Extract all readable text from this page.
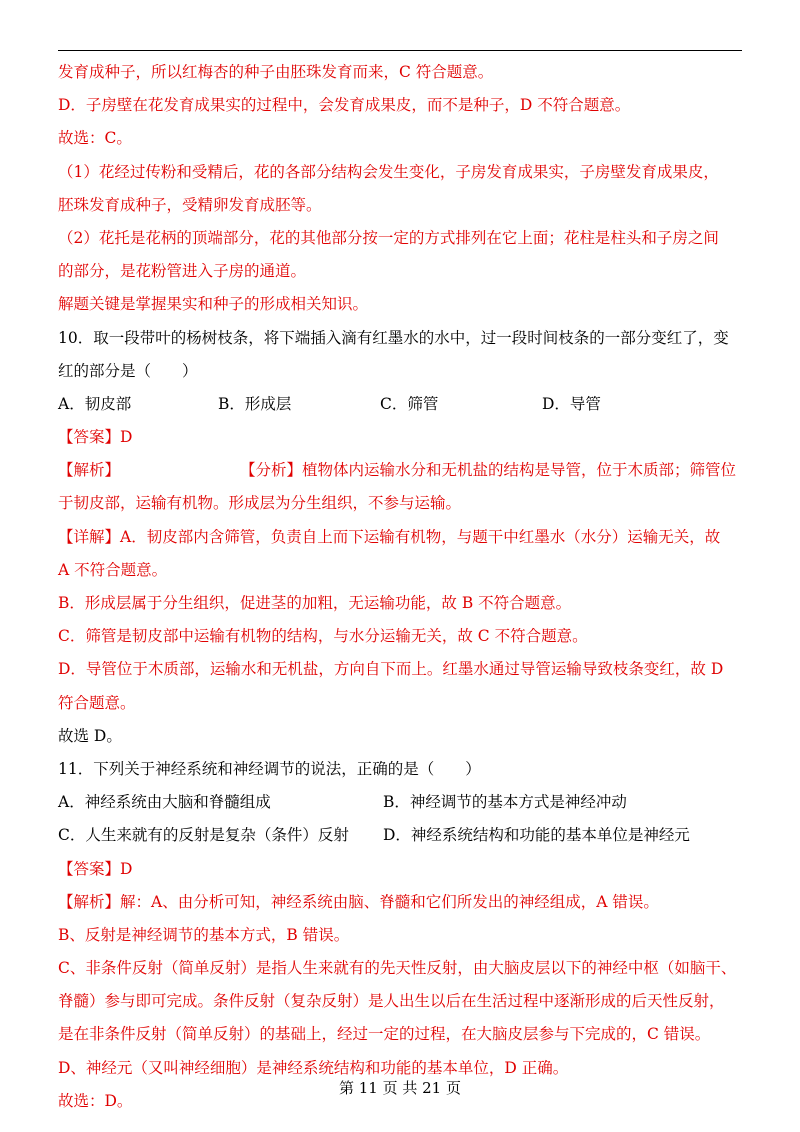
发育成种子，所以红梅杏的种子由胚珠发育而来，C 符合题意。

D．子房壁在花发育成果实的过程中，会发育成果皮，而不是种子，D 不符合题意。

故选：C。

（1）花经过传粉和受精后，花的各部分结构会发生变化，子房发育成果实，子房壁发育成果皮，

胚珠发育成种子，受精卵发育成胚等。

（2）花托是花柄的顶端部分，花的其他部分按一定的方式排列在它上面；花柱是柱头和子房之间

的部分，是花粉管进入子房的通道。

解题关键是掌握果实和种子的形成相关知识。

10．取一段带叶的杨树枝条，将下端插入滴有红墨水的水中，过一段时间枝条的一部分变红了，变

红的部分是（　　）

A．韧皮部	B．形成层	C．筛管	D．导管

【答案】D

【解析】	【分析】植物体内运输水分和无机盐的结构是导管，位于木质部；筛管位

于韧皮部，运输有机物。形成层为分生组织，不参与运输。

【详解】A．韧皮部内含筛管，负责自上而下运输有机物，与题干中红墨水（水分）运输无关，故

A 不符合题意。

B．形成层属于分生组织，促进茎的加粗，无运输功能，故 B 不符合题意。

C．筛管是韧皮部中运输有机物的结构，与水分运输无关，故 C 不符合题意。

D．导管位于木质部，运输水和无机盐，方向自下而上。红墨水通过导管运输导致枝条变红，故 D

符合题意。

故选 D。

11．下列关于神经系统和神经调节的说法，正确的是（　　）

A．神经系统由大脑和脊髓组成	B．神经调节的基本方式是神经冲动

C．人生来就有的反射是复杂（条件）反射 D．神经系统结构和功能的基本单位是神经元

【答案】D

【解析】解：A、由分析可知，神经系统由脑、脊髓和它们所发出的神经组成，A 错误。

B、反射是神经调节的基本方式，B 错误。

C、非条件反射（简单反射）是指人生来就有的先天性反射，由大脑皮层以下的神经中枢（如脑干、

脊髓）参与即可完成。条件反射（复杂反射）是人出生以后在生活过程中逐渐形成的后天性反射，

是在非条件反射（简单反射）的基础上，经过一定的过程，在大脑皮层参与下完成的，C 错误。

D、神经元（又叫神经细胞）是神经系统结构和功能的基本单位，D 正确。

故选：D。

第 11 页 共 21 页
